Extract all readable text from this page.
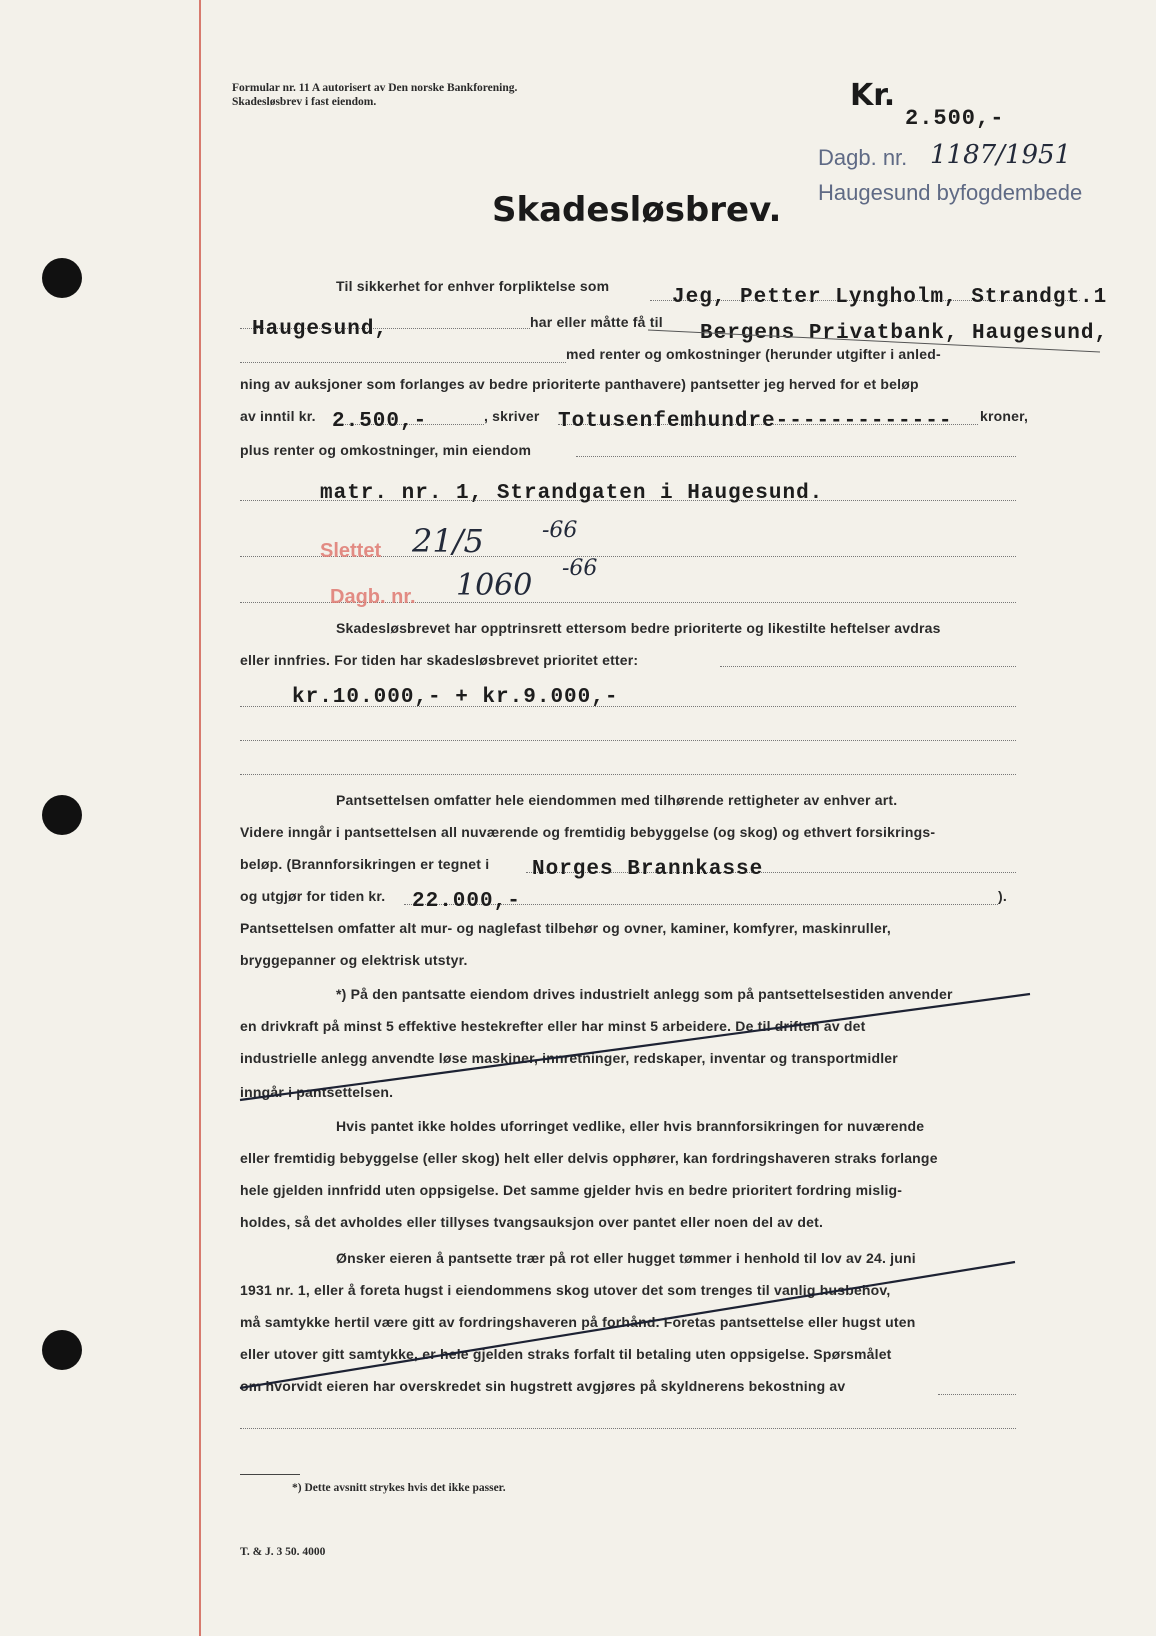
Formular nr. 11 A autorisert av Den norske Bankforening.
Skadesløsbrev i fast eiendom.	Kr.
2.500,-
Dagb. nr. 1187/1951
Haugesund byfogdembede
Skadesløsbrev.
Til sikkerhet for enhver forpliktelse som	Jeg, Petter Lyngholm, Strandgt.1
Haugesund,	har eller måtte få til Bergens Privatbank, Haugesund,
med renter og omkostninger (herunder utgifter i anled-
ning av auksjoner som forlanges av bedre prioriterte panthavere) pantsetter jeg herved for et beløp
av inntil kr. 2.500,-	, skriver Totusenfemhundre------------- kroner,
plus renter og omkostninger, min eiendom
matr. nr. 1, Strandgaten i Haugesund.
Slettet 21/5	-66
Dagb. nr. 1060 -66
Skadesløsbrevet har opptrinsrett ettersom bedre prioriterte og likestilte heftelser avdras
eller innfries. For tiden har skadesløsbrevet prioritet etter:
kr.10.000,- + kr.9.000,-
Pantsettelsen omfatter hele eiendommen med tilhørende rettigheter av enhver art.
Videre inngår i pantsettelsen all nuværende og fremtidig bebyggelse (og skog) og ethvert forsikrings-
beløp. (Brannforsikringen er tegnet i Norges Brannkasse
og utgjør for tiden kr. 22.000,-	).
Pantsettelsen omfatter alt mur- og naglefast tilbehør og ovner, kaminer, komfyrer, maskinruller,
bryggepanner og elektrisk utstyr.
*) På den pantsatte eiendom drives industrielt anlegg som på pantsettelsestiden anvender
en drivkraft på minst 5 effektive hestekrefter eller har minst 5 arbeidere. De til driften av det
industrielle anlegg anvendte løse maskiner, innretninger, redskaper, inventar og transportmidler
inngår i pantsettelsen.
Hvis pantet ikke holdes uforringet vedlike, eller hvis brannforsikringen for nuværende
eller fremtidig bebyggelse (eller skog) helt eller delvis opphører, kan fordringshaveren straks forlange
hele gjelden innfridd uten oppsigelse. Det samme gjelder hvis en bedre prioritert fordring mislig-
holdes, så det avholdes eller tillyses tvangsauksjon over pantet eller noen del av det.
Ønsker eieren å pantsette trær på rot eller hugget tømmer i henhold til lov av 24. juni
1931 nr. 1, eller å foreta hugst i eiendommens skog utover det som trenges til vanlig husbehov,
må samtykke hertil være gitt av fordringshaveren på forhånd. Foretas pantsettelse eller hugst uten
eller utover gitt samtykke, er hele gjelden straks forfalt til betaling uten oppsigelse. Spørsmålet
om hvorvidt eieren har overskredet sin hugstrett avgjøres på skyldnerens bekostning av
*) Dette avsnitt strykes hvis det ikke passer.
T. & J. 3 50. 4000
